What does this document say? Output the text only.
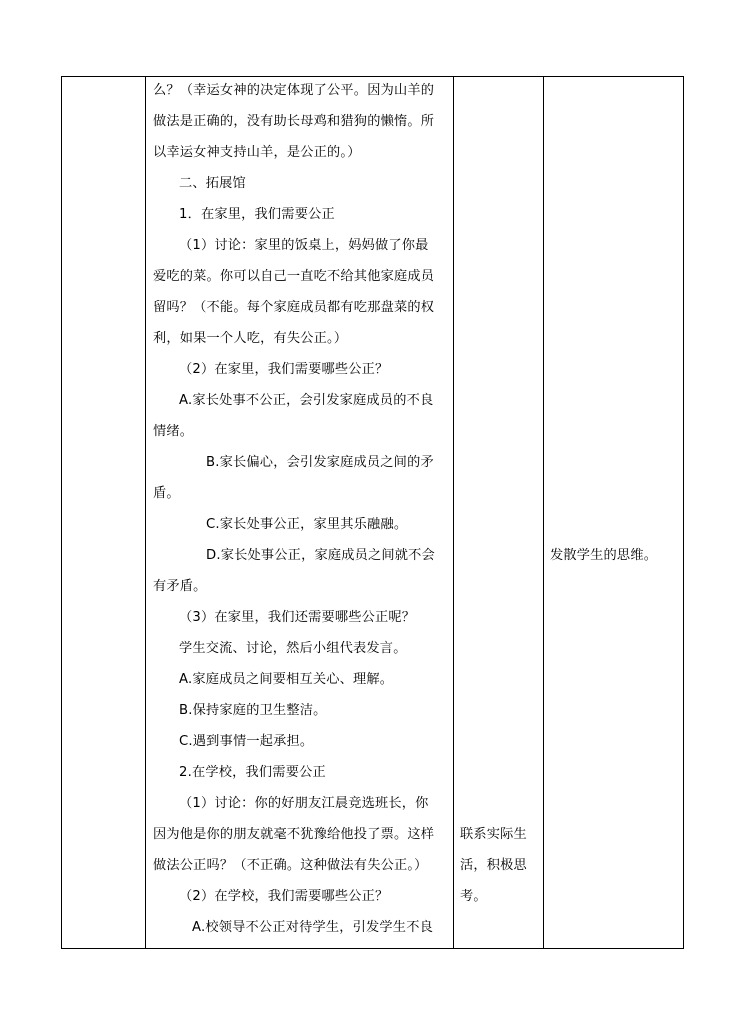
么？（幸运女神的决定体现了公平。因为山羊的
做法是正确的，没有助长母鸡和猎狗的懒惰。所
以幸运女神支持山羊，是公正的。）
二、拓展馆
1．在家里，我们需要公正
（1）讨论：家里的饭桌上，妈妈做了你最
爱吃的菜。你可以自己一直吃不给其他家庭成员
留吗？（不能。每个家庭成员都有吃那盘菜的权
利，如果一个人吃，有失公正。）
（2）在家里，我们需要哪些公正？
A.家长处事不公正，会引发家庭成员的不良
情绪。
B.家长偏心，会引发家庭成员之间的矛
盾。
C.家长处事公正，家里其乐融融。
D.家长处事公正，家庭成员之间就不会
有矛盾。
（3）在家里，我们还需要哪些公正呢？
学生交流、讨论，然后小组代表发言。
A.家庭成员之间要相互关心、理解。
B.保持家庭的卫生整洁。
C.遇到事情一起承担。
2.在学校，我们需要公正
（1）讨论：你的好朋友江晨竞选班长，你
因为他是你的朋友就毫不犹豫给他投了票。这样
做法公正吗？（不正确。这种做法有失公正。）
（2）在学校，我们需要哪些公正？
A.校领导不公正对待学生，引发学生不良
联系实际生
活，积极思
考。
发散学生的思维。
